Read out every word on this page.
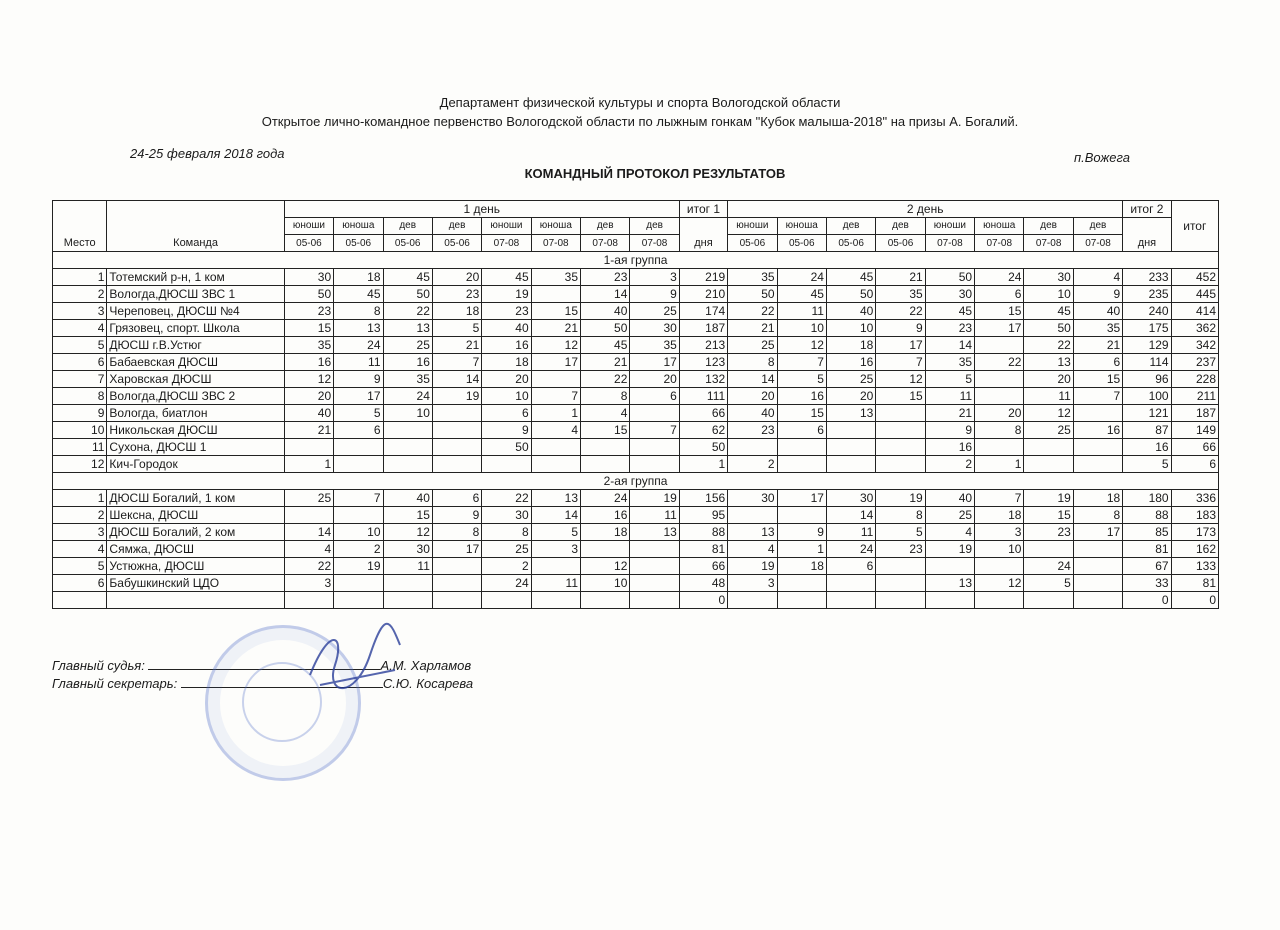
Департамент физической культуры и спорта Вологодской области
Открытое лично-командное первенство Вологодской области по лыжным гонкам "Кубок малыша-2018" на призы А. Богалий.
24-25 февраля 2018 года	п.Вожега
КОМАНДНЫЙ ПРОТОКОЛ РЕЗУЛЬТАТОВ
Место	Команда	1 день								итог 1	2 день								итог 2	итог
		юноши	юноша	дев	дев	юноши	юноша	дев	дев	дня	юноши	юноша	дев	дев	юноши	юноша	дев	дев	дня	
		05-06	05-06	05-06	05-06	07-08	07-08	07-08	07-08		05-06	05-06	05-06	05-06	07-08	07-08	07-08	07-08		
1-ая группа																				
1	Тотемский р-н, 1 ком	30	18	45	20	45	35	23	3	219	35	24	45	21	50	24	30	4	233	452
2	Вологда,ДЮСШ ЗВС 1	50	45	50	23	19		14	9	210	50	45	50	35	30	6	10	9	235	445
3	Череповец, ДЮСШ №4	23	8	22	18	23	15	40	25	174	22	11	40	22	45	15	45	40	240	414
4	Грязовец, спорт. Школа	15	13	13	5	40	21	50	30	187	21	10	10	9	23	17	50	35	175	362
5	ДЮСШ г.В.Устюг	35	24	25	21	16	12	45	35	213	25	12	18	17	14		22	21	129	342
6	Бабаевская ДЮСШ	16	11	16	7	18	17	21	17	123	8	7	16	7	35	22	13	6	114	237
7	Харовская ДЮСШ	12	9	35	14	20		22	20	132	14	5	25	12	5		20	15	96	228
8	Вологда,ДЮСШ ЗВС 2	20	17	24	19	10	7	8	6	111	20	16	20	15	11		11	7	100	211
9	Вологда, биатлон	40	5	10		6	1	4		66	40	15	13		21	20	12		121	187
10	Никольская ДЮСШ	21	6			9	4	15	7	62	23	6			9	8	25	16	87	149
11	Сухона, ДЮСШ 1					50				50					16				16	66
12	Кич-Городок	1								1	2				2	1			5	6
2-ая группа																				
1	ДЮСШ Богалий, 1 ком	25	7	40	6	22	13	24	19	156	30	17	30	19	40	7	19	18	180	336
2	Шексна, ДЮСШ			15	9	30	14	16	11	95			14	8	25	18	15	8	88	183
3	ДЮСШ Богалий, 2 ком	14	10	12	8	8	5	18	13	88	13	9	11	5	4	3	23	17	85	173
4	Сямжа, ДЮСШ	4	2	30	17	25	3			81	4	1	24	23	19	10			81	162
5	Устюжна, ДЮСШ	22	19	11		2		12		66	19	18	6				24		67	133
6	Бабушкинский ЦДО	3				24	11	10		48	3				13	12	5		33	81
										0									0	0
Главный судья:	А.М. Харламов
Главный секретарь:	С.Ю. Косарева
